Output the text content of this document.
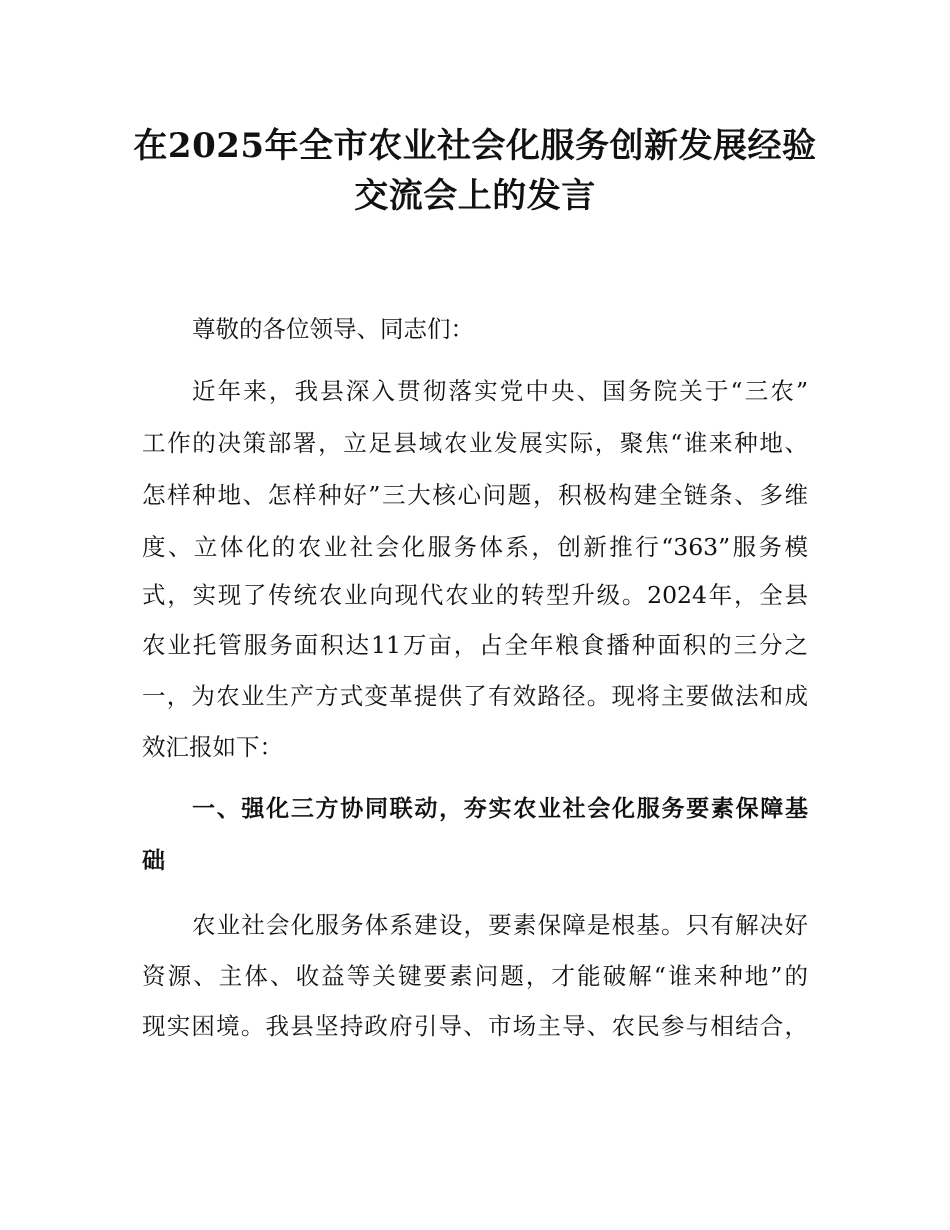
在2025年全市农业社会化服务创新发展经验
交流会上的发言
尊敬的各位领导、同志们：
近年来，我县深入贯彻落实党中央、国务院关于“三农”
工作的决策部署，立足县域农业发展实际，聚焦“谁来种地、
怎样种地、怎样种好”三大核心问题，积极构建全链条、多维
度、立体化的农业社会化服务体系，创新推行“363”服务模
式，实现了传统农业向现代农业的转型升级。2024年，全县
农业托管服务面积达11万亩，占全年粮食播种面积的三分之
一，为农业生产方式变革提供了有效路径。现将主要做法和成
效汇报如下：
一、强化三方协同联动，夯实农业社会化服务要素保障基
础
农业社会化服务体系建设，要素保障是根基。只有解决好
资源、主体、收益等关键要素问题，才能破解“谁来种地”的
现实困境。我县坚持政府引导、市场主导、农民参与相结合，
